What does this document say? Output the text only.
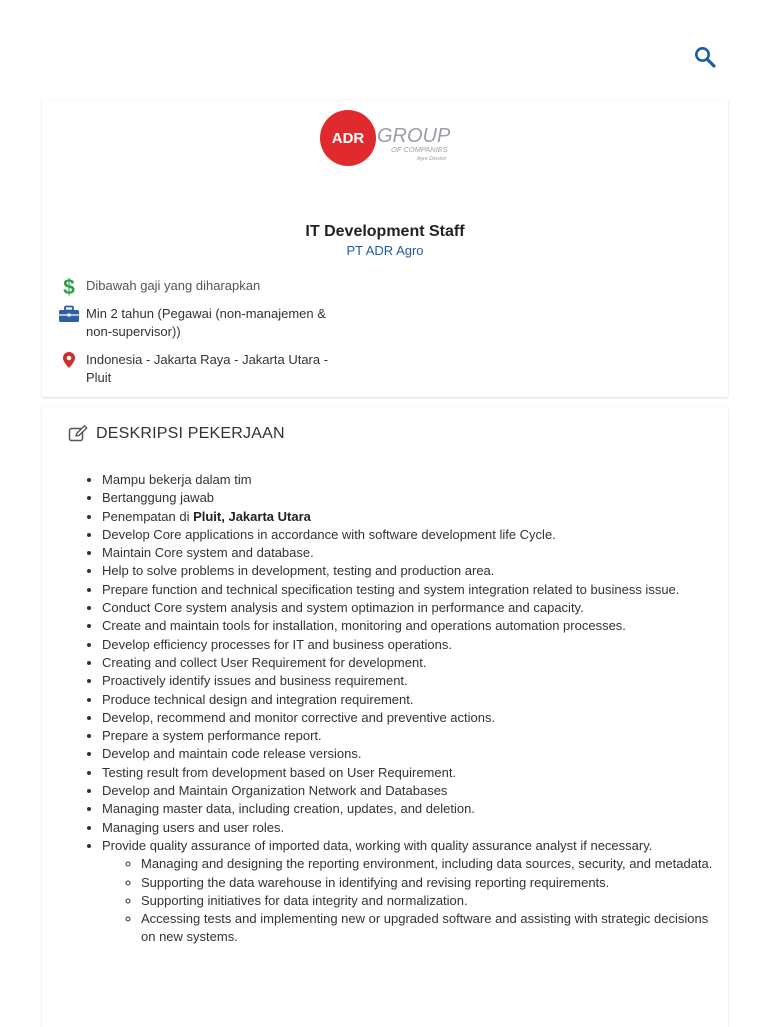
ADR GROUP
OF COMPANIES
Agro Division
IT Development Staff
PT ADR Agro
$ Dibawah gaji yang diharapkan
Min 2 tahun (Pegawai (non-manajemen & non-supervisor))
Indonesia - Jakarta Raya - Jakarta Utara - Pluit
DESKRIPSI PEKERJAAN
• Mampu bekerja dalam tim
• Bertanggung jawab
• Penempatan di Pluit, Jakarta Utara
• Develop Core applications in accordance with software development life Cycle.
• Maintain Core system and database.
• Help to solve problems in development, testing and production area.
• Prepare function and technical specification testing and system integration related to business issue.
• Conduct Core system analysis and system optimazion in performance and capacity.
• Create and maintain tools for installation, monitoring and operations automation processes.
• Develop efficiency processes for IT and business operations.
• Creating and collect User Requirement for development.
• Proactively identify issues and business requirement.
• Produce technical design and integration requirement.
• Develop, recommend and monitor corrective and preventive actions.
• Prepare a system performance report.
• Develop and maintain code release versions.
• Testing result from development based on User Requirement.
• Develop and Maintain Organization Network and Databases
• Managing master data, including creation, updates, and deletion.
• Managing users and user roles.
• Provide quality assurance of imported data, working with quality assurance analyst if necessary.
◦ Managing and designing the reporting environment, including data sources, security, and metadata.
◦ Supporting the data warehouse in identifying and revising reporting requirements.
◦ Supporting initiatives for data integrity and normalization.
◦ Accessing tests and implementing new or upgraded software and assisting with strategic decisions on new systems.
